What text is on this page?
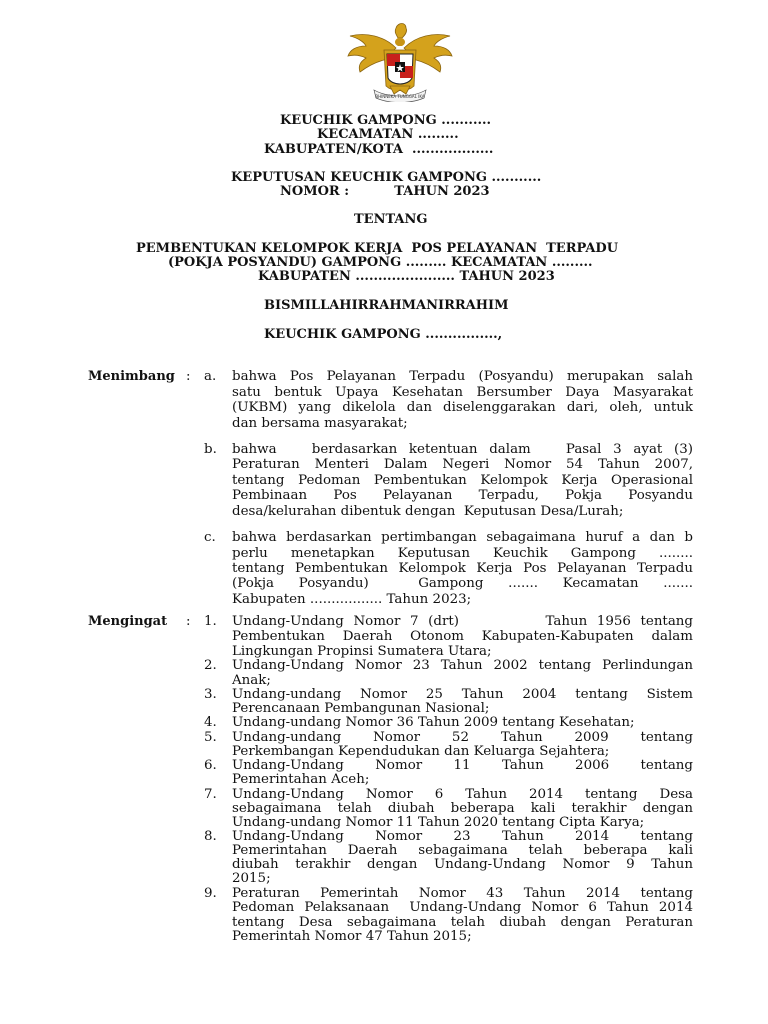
BHINNEKA TUNGGAL IKA
KEUCHIK GAMPONG ...........
KECAMATAN .........
KABUPATEN/KOTA  ..................
KEPUTUSAN KEUCHIK GAMPONG ...........
NOMOR :          TAHUN 2023
TENTANG
PEMBENTUKAN KELOMPOK KERJA  POS PELAYANAN  TERPADU
(POKJA POSYANDU) GAMPONG ......... KECAMATAN .........
KABUPATEN ...................... TAHUN 2023
BISMILLAHIRRAHMANIRRAHIM
KEUCHIK GAMPONG ................,
Menimbang : a. bahwa Pos Pelayanan Terpadu (Posyandu) merupakan salah
satu bentuk Upaya Kesehatan Bersumber Daya Masyarakat
(UKBM) yang dikelola dan diselenggarakan dari, oleh, untuk
dan bersama masyarakat;
b. bahwa   berdasarkan ketentuan dalam   Pasal 3 ayat (3)
Peraturan Menteri Dalam Negeri Nomor 54 Tahun 2007,
tentang Pedoman Pembentukan Kelompok Kerja Operasional
Pembinaan Pos Pelayanan Terpadu, Pokja Posyandu
desa/kelurahan dibentuk dengan  Keputusan Desa/Lurah;
c. bahwa berdasarkan pertimbangan sebagaimana huruf a dan b
perlu menetapkan Keputusan Keuchik Gampong ........
tentang Pembentukan Kelompok Kerja Pos Pelayanan Terpadu
(Pokja Posyandu)  Gampong ....... Kecamatan .......
Kabupaten ................. Tahun 2023;
Mengingat : 1. Undang-Undang Nomor 7 (drt)         Tahun 1956 tentang
Pembentukan Daerah Otonom Kabupaten-Kabupaten dalam
Lingkungan Propinsi Sumatera Utara;
2. Undang-Undang Nomor 23 Tahun 2002 tentang Perlindungan
Anak;
3. Undang-undang Nomor 25 Tahun 2004 tentang Sistem
Perencanaan Pembangunan Nasional;
4. Undang-undang Nomor 36 Tahun 2009 tentang Kesehatan;
5. Undang-undang Nomor 52 Tahun 2009 tentang
Perkembangan Kependudukan dan Keluarga Sejahtera;
6. Undang-Undang Nomor 11 Tahun 2006 tentang
Pemerintahan Aceh;
7. Undang-Undang Nomor 6 Tahun 2014 tentang Desa
sebagaimana telah diubah beberapa kali terakhir dengan
Undang-undang Nomor 11 Tahun 2020 tentang Cipta Karya;
8. Undang-Undang Nomor 23 Tahun 2014 tentang
Pemerintahan Daerah sebagaimana telah beberapa kali
diubah terakhir dengan Undang-Undang Nomor 9 Tahun
2015;
9. Peraturan Pemerintah Nomor 43 Tahun 2014 tentang
Pedoman Pelaksanaan  Undang-Undang Nomor 6 Tahun 2014
tentang Desa sebagaimana telah diubah dengan Peraturan
Pemerintah Nomor 47 Tahun 2015;
